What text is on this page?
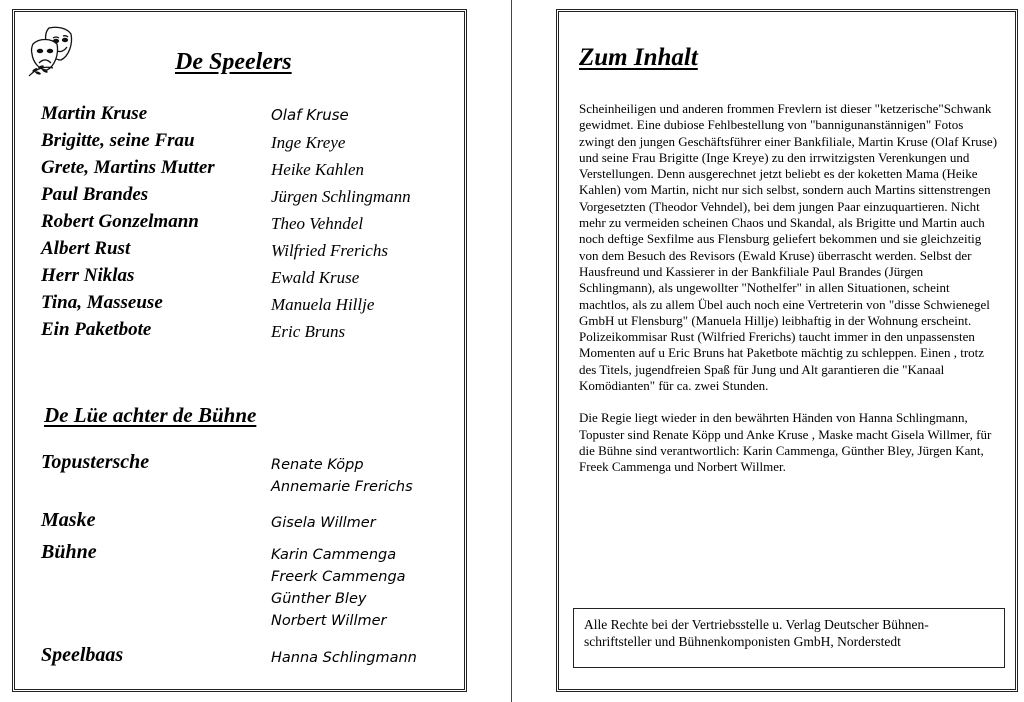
De Speelers
Martin Kruse	Olaf Kruse
Brigitte, seine Frau	Inge Kreye
Grete, Martins Mutter	Heike Kahlen
Paul Brandes	Jürgen Schlingmann
Robert Gonzelmann	Theo Vehndel
Albert Rust	Wilfried Frerichs
Herr Niklas	Ewald Kruse
Tina, Masseuse	Manuela Hillje
Ein Paketbote	Eric Bruns
De Lüe achter de Bühne
Topustersche	Renate Köpp
Annemarie Frerichs
Maske	Gisela Willmer
Bühne	Karin Cammenga
Freerk Cammenga
Günther Bley
Norbert Willmer
Speelbaas	Hanna Schlingmann
Zum Inhalt

Scheinheiligen und anderen frommen Frevlern ist dieser "ketzerische"Schwank gewidmet. Eine dubiose Fehlbestellung von "bannigunanstännigen" Fotos zwingt den jungen Geschäftsführer einer Bankfiliale, Martin Kruse (Olaf Kruse) und seine Frau Brigitte (Inge Kreye) zu den irrwitzigsten Verenkungen und Verstellungen. Denn ausgerechnet jetzt beliebt es der koketten Mama (Heike Kahlen) vom Martin, nicht nur sich selbst, sondern auch Martins sittenstrengen Vorgesetzten (Theodor Vehndel), bei dem jungen Paar einzuquartieren. Nicht mehr zu vermeiden scheinen Chaos und Skandal, als Brigitte und Martin auch noch deftige Sexfilme aus Flensburg geliefert bekommen und sie gleichzeitig von dem Besuch des Revisors (Ewald Kruse) überrascht werden. Selbst der Hausfreund und Kassierer in der Bankfiliale Paul Brandes (Jürgen Schlingmann), als ungewollter "Nothelfer" in allen Situationen, scheint machtlos, als zu allem Übel auch noch eine Vertreterin von "disse Schwienegel GmbH ut Flensburg" (Manuela Hillje) leibhaftig in der Wohnung erscheint. Polizeikommisar Rust (Wilfried Frerichs) taucht immer in den unpassensten Momenten auf u Eric Bruns hat Paketbote mächtig zu schleppen. Einen , trotz des Titels, jugendfreien Spaß für Jung und Alt garantieren die "Kanaal Komödianten" für ca. zwei Stunden.

Die Regie liegt wieder in den bewährten Händen von Hanna Schlingmann, Topuster sind Renate Köpp und Anke Kruse , Maske macht Gisela Willmer, für die Bühne sind verantwortlich: Karin Cammenga, Günther Bley, Jürgen Kant, Freek Cammenga und Norbert Willmer.

Alle Rechte bei der Vertriebsstelle u. Verlag Deutscher Bühnen-schriftsteller und Bühnenkomponisten GmbH, Norderstedt
